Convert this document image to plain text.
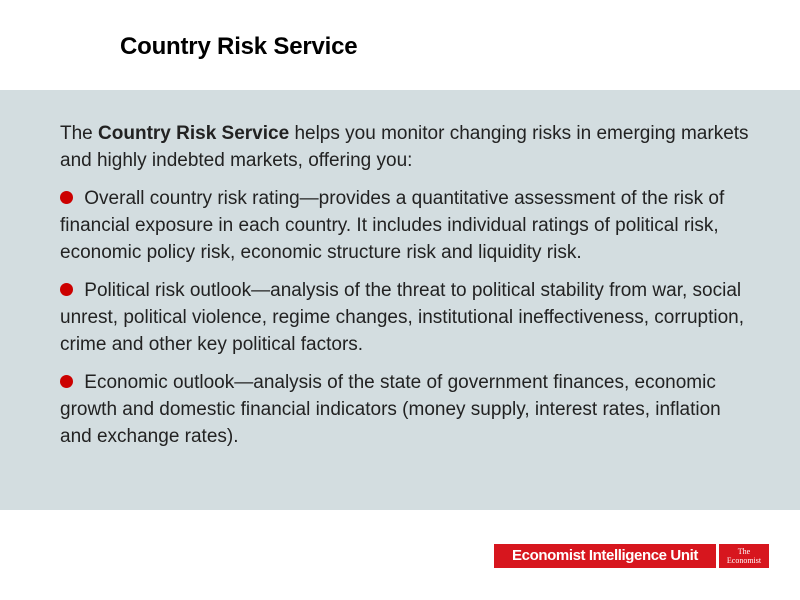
Country Risk Service

The Country Risk Service helps you monitor changing risks in emerging markets and highly indebted markets, offering you:

Overall country risk rating—provides a quantitative assessment of the risk of financial exposure in each country. It includes individual ratings of political risk, economic policy risk, economic structure risk and liquidity risk.

Political risk outlook—analysis of the threat to political stability from war, social unrest, political violence, regime changes, institutional ineffectiveness, corruption, crime and other key political factors.

Economic outlook—analysis of the state of government finances, economic growth and domestic financial indicators (money supply, interest rates, inflation and exchange rates).

Economist Intelligence Unit	The
Economist
